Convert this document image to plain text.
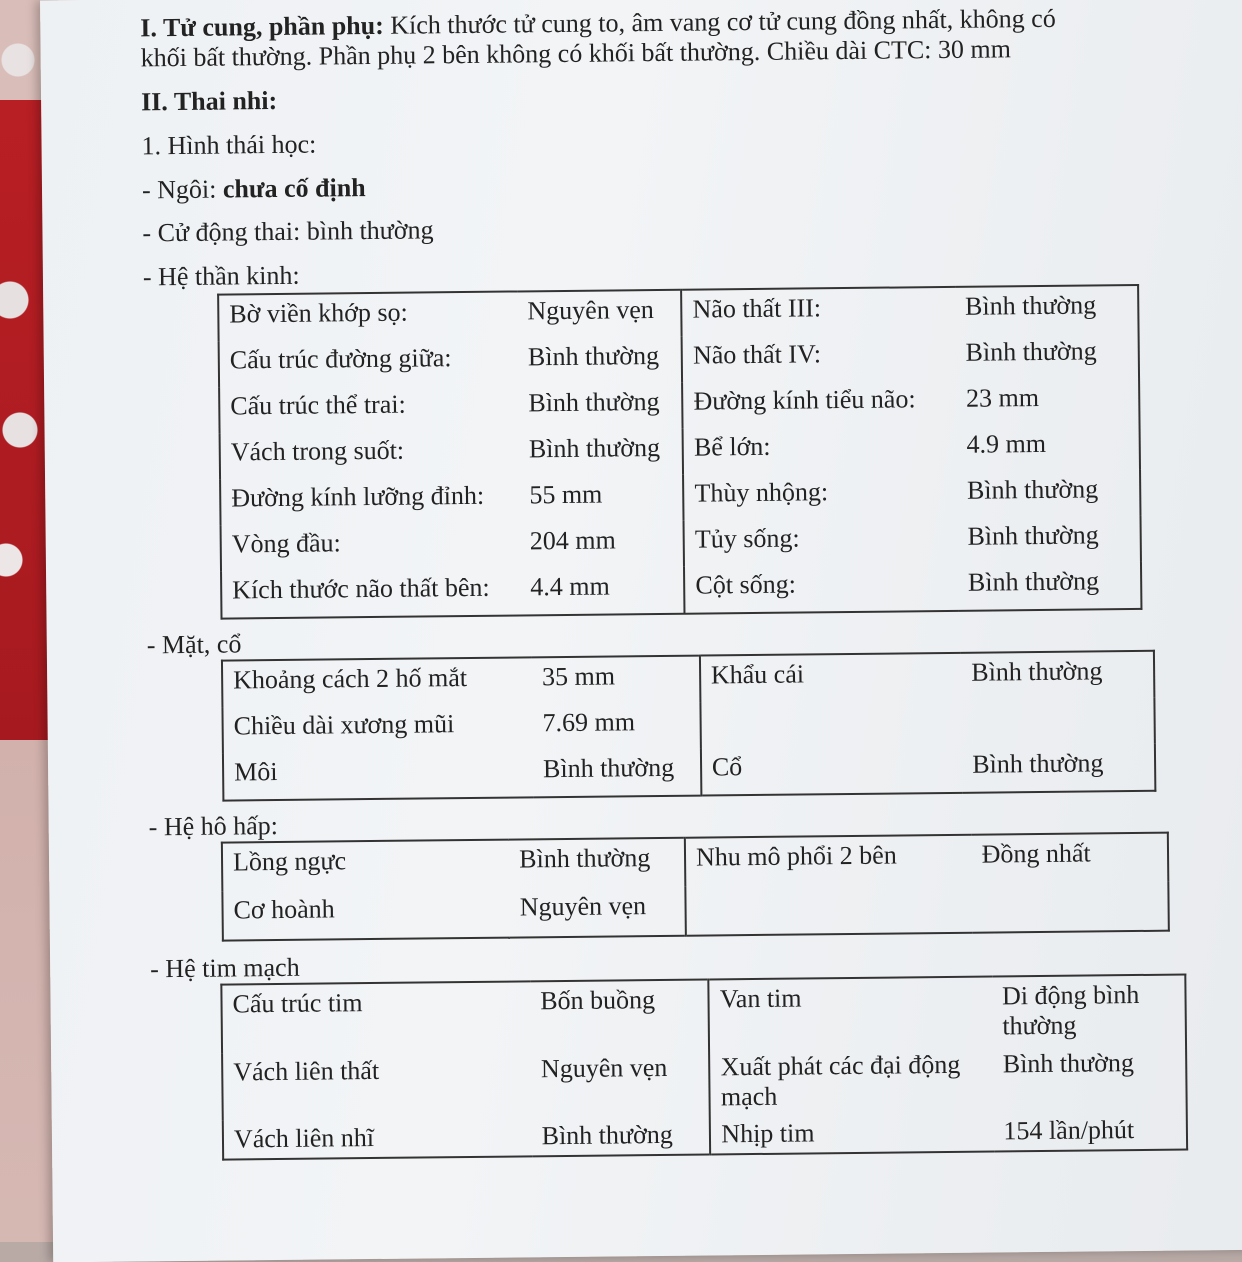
I. Tử cung, phần phụ: Kích thước tử cung to, âm vang cơ tử cung đồng nhất, không có

khối bất thường. Phần phụ 2 bên không có khối bất thường. Chiều dài CTC: 30 mm

II. Thai nhi:

1. Hình thái học:

- Ngôi: chưa cố định

- Cử động thai: bình thường

- Hệ thần kinh:

Bờ viền khớp sọ:	Nguyên vẹn	Não thất III:	Bình thường
Cấu trúc đường giữa:	Bình thường	Não thất IV:	Bình thường
Cấu trúc thể trai:	Bình thường	Đường kính tiểu não:	23 mm
Vách trong suốt:	Bình thường	Bể lớn:	4.9 mm
Đường kính lưỡng đỉnh:	55 mm	Thùy nhộng:	Bình thường
Vòng đầu:	204 mm	Tủy sống:	Bình thường
Kích thước não thất bên:	4.4 mm	Cột sống:	Bình thường

- Mặt, cổ

Khoảng cách 2 hố mắt	35 mm	Khẩu cái	Bình thường
Chiều dài xương mũi	7.69 mm		
Môi	Bình thường	Cổ	Bình thường

- Hệ hô hấp:

Lồng ngực	Bình thường	Nhu mô phổi 2 bên	Đồng nhất
Cơ hoành	Nguyên vẹn		

- Hệ tim mạch

Cấu trúc tim	Bốn buồng	Van tim	Di động bình thường
Vách liên thất	Nguyên vẹn	Xuất phát các đại động mạch	Bình thường
Vách liên nhĩ	Bình thường	Nhịp tim	154 lần/phút
